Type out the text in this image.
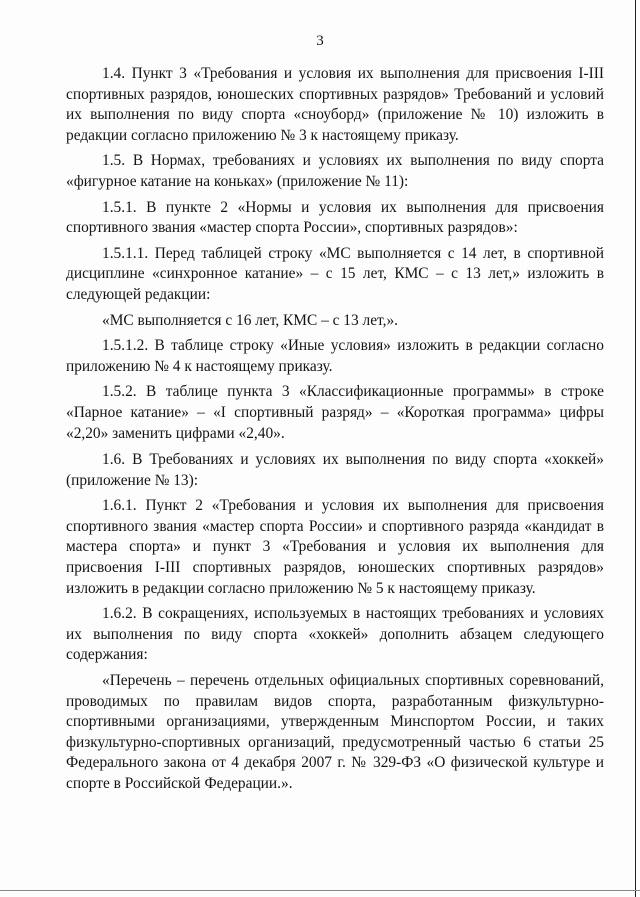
3

1.4. Пункт 3 «Требования и условия их выполнения для присвоения I-III спортивных разрядов, юношеских спортивных разрядов» Требований и условий их выполнения по виду спорта «сноуборд» (приложение № 10) изложить в редакции согласно приложению № 3 к настоящему приказу.

1.5. В Нормах, требованиях и условиях их выполнения по виду спорта «фигурное катание на коньках» (приложение № 11):

1.5.1. В пункте 2 «Нормы и условия их выполнения для присвоения спортивного звания «мастер спорта России», спортивных разрядов»:

1.5.1.1. Перед таблицей строку «МС выполняется с 14 лет, в спортивной дисциплине «синхронное катание» – с 15 лет, КМС – с 13 лет,» изложить в следующей редакции:

«МС выполняется с 16 лет, КМС – с 13 лет,».

1.5.1.2. В таблице строку «Иные условия» изложить в редакции согласно приложению № 4 к настоящему приказу.

1.5.2. В таблице пункта 3 «Классификационные программы» в строке «Парное катание» – «I спортивный разряд» – «Короткая программа» цифры «2,20» заменить цифрами «2,40».

1.6. В Требованиях и условиях их выполнения по виду спорта «хоккей» (приложение № 13):

1.6.1. Пункт 2 «Требования и условия их выполнения для присвоения спортивного звания «мастер спорта России» и спортивного разряда «кандидат в мастера спорта» и пункт 3 «Требования и условия их выполнения для присвоения I-III спортивных разрядов, юношеских спортивных разрядов» изложить в редакции согласно приложению № 5 к настоящему приказу.

1.6.2. В сокращениях, используемых в настоящих требованиях и условиях их выполнения по виду спорта «хоккей» дополнить абзацем следующего содержания:

«Перечень – перечень отдельных официальных спортивных соревнований, проводимых по правилам видов спорта, разработанным физкультурно-спортивными организациями, утвержденным Минспортом России, и таких физкультурно-спортивных организаций, предусмотренный частью 6 статьи 25 Федерального закона от 4 декабря 2007 г. № 329-ФЗ «О физической культуре и спорте в Российской Федерации.».
